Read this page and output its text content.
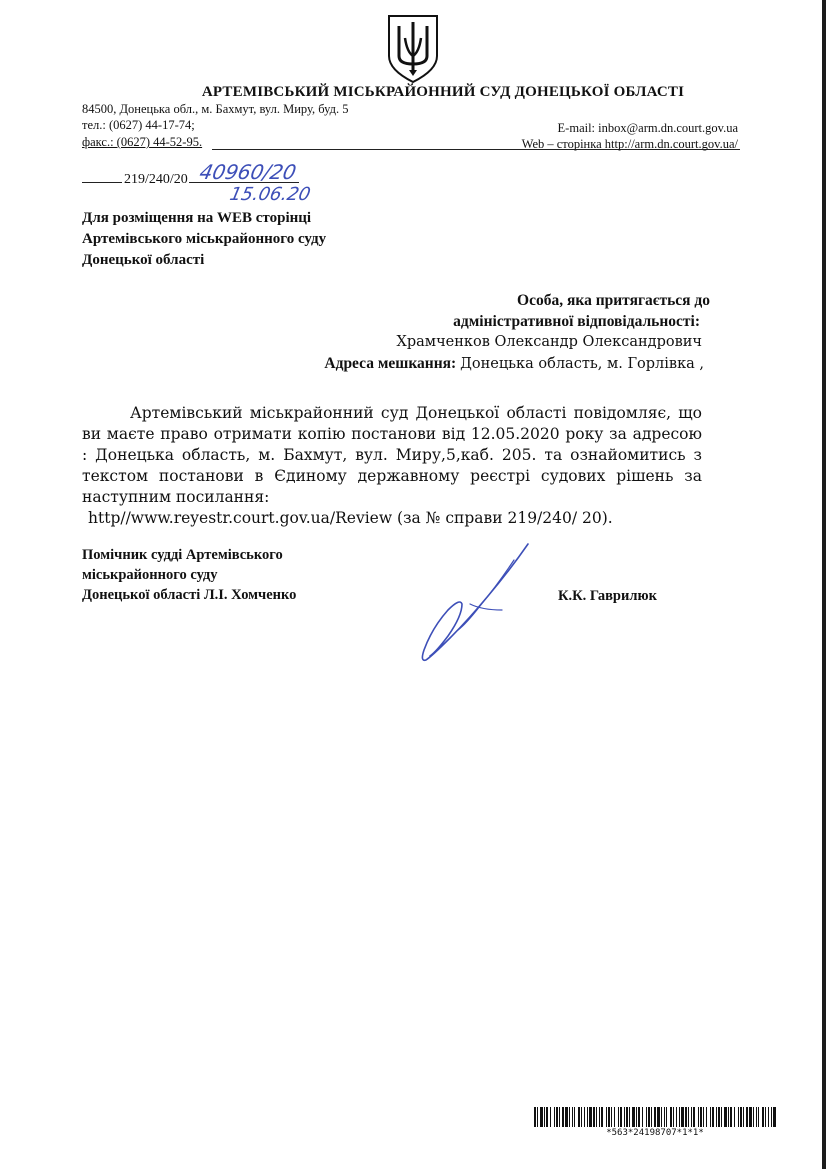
АРТЕМІВСЬКИЙ МІСЬКРАЙОННИЙ СУД ДОНЕЦЬКОЇ ОБЛАСТІ
84500, Донецька обл., м. Бахмут, вул. Миру, буд. 5
тел.: (0627) 44-17-74;
факс.: (0627) 44-52-95.
E-mail: inbox@arm.dn.court.gov.ua
Web – сторінка http://arm.dn.court.gov.ua/
219/240/20 40960/20
15.06.20
Для розміщення на WEB сторінці
Артемівського міськрайонного суду
Донецької області
Особа, яка притягається до
адміністративної відповідальності:
Храмченков Олександр Олександрович
Адреса мешкання: Донецька область, м. Горлівка ,

Артемівський міськрайонний суд Донецької області повідомляє, що ви маєте право отримати копію постанови від 12.05.2020 року за адресою : Донецька область, м. Бахмут, вул. Миру,5,каб. 205. та ознайомитись з текстом постанови в Єдиному державному реєстрі судових рішень за наступним посилання:

http//www.reyestr.court.gov.ua/Review (за № справи 219/240/ 20).

Помічник судді Артемівського
міськрайонного суду
Донецької області Л.І. Хомченко	К.К. Гаврилюк
*563*24198707*1*1*
